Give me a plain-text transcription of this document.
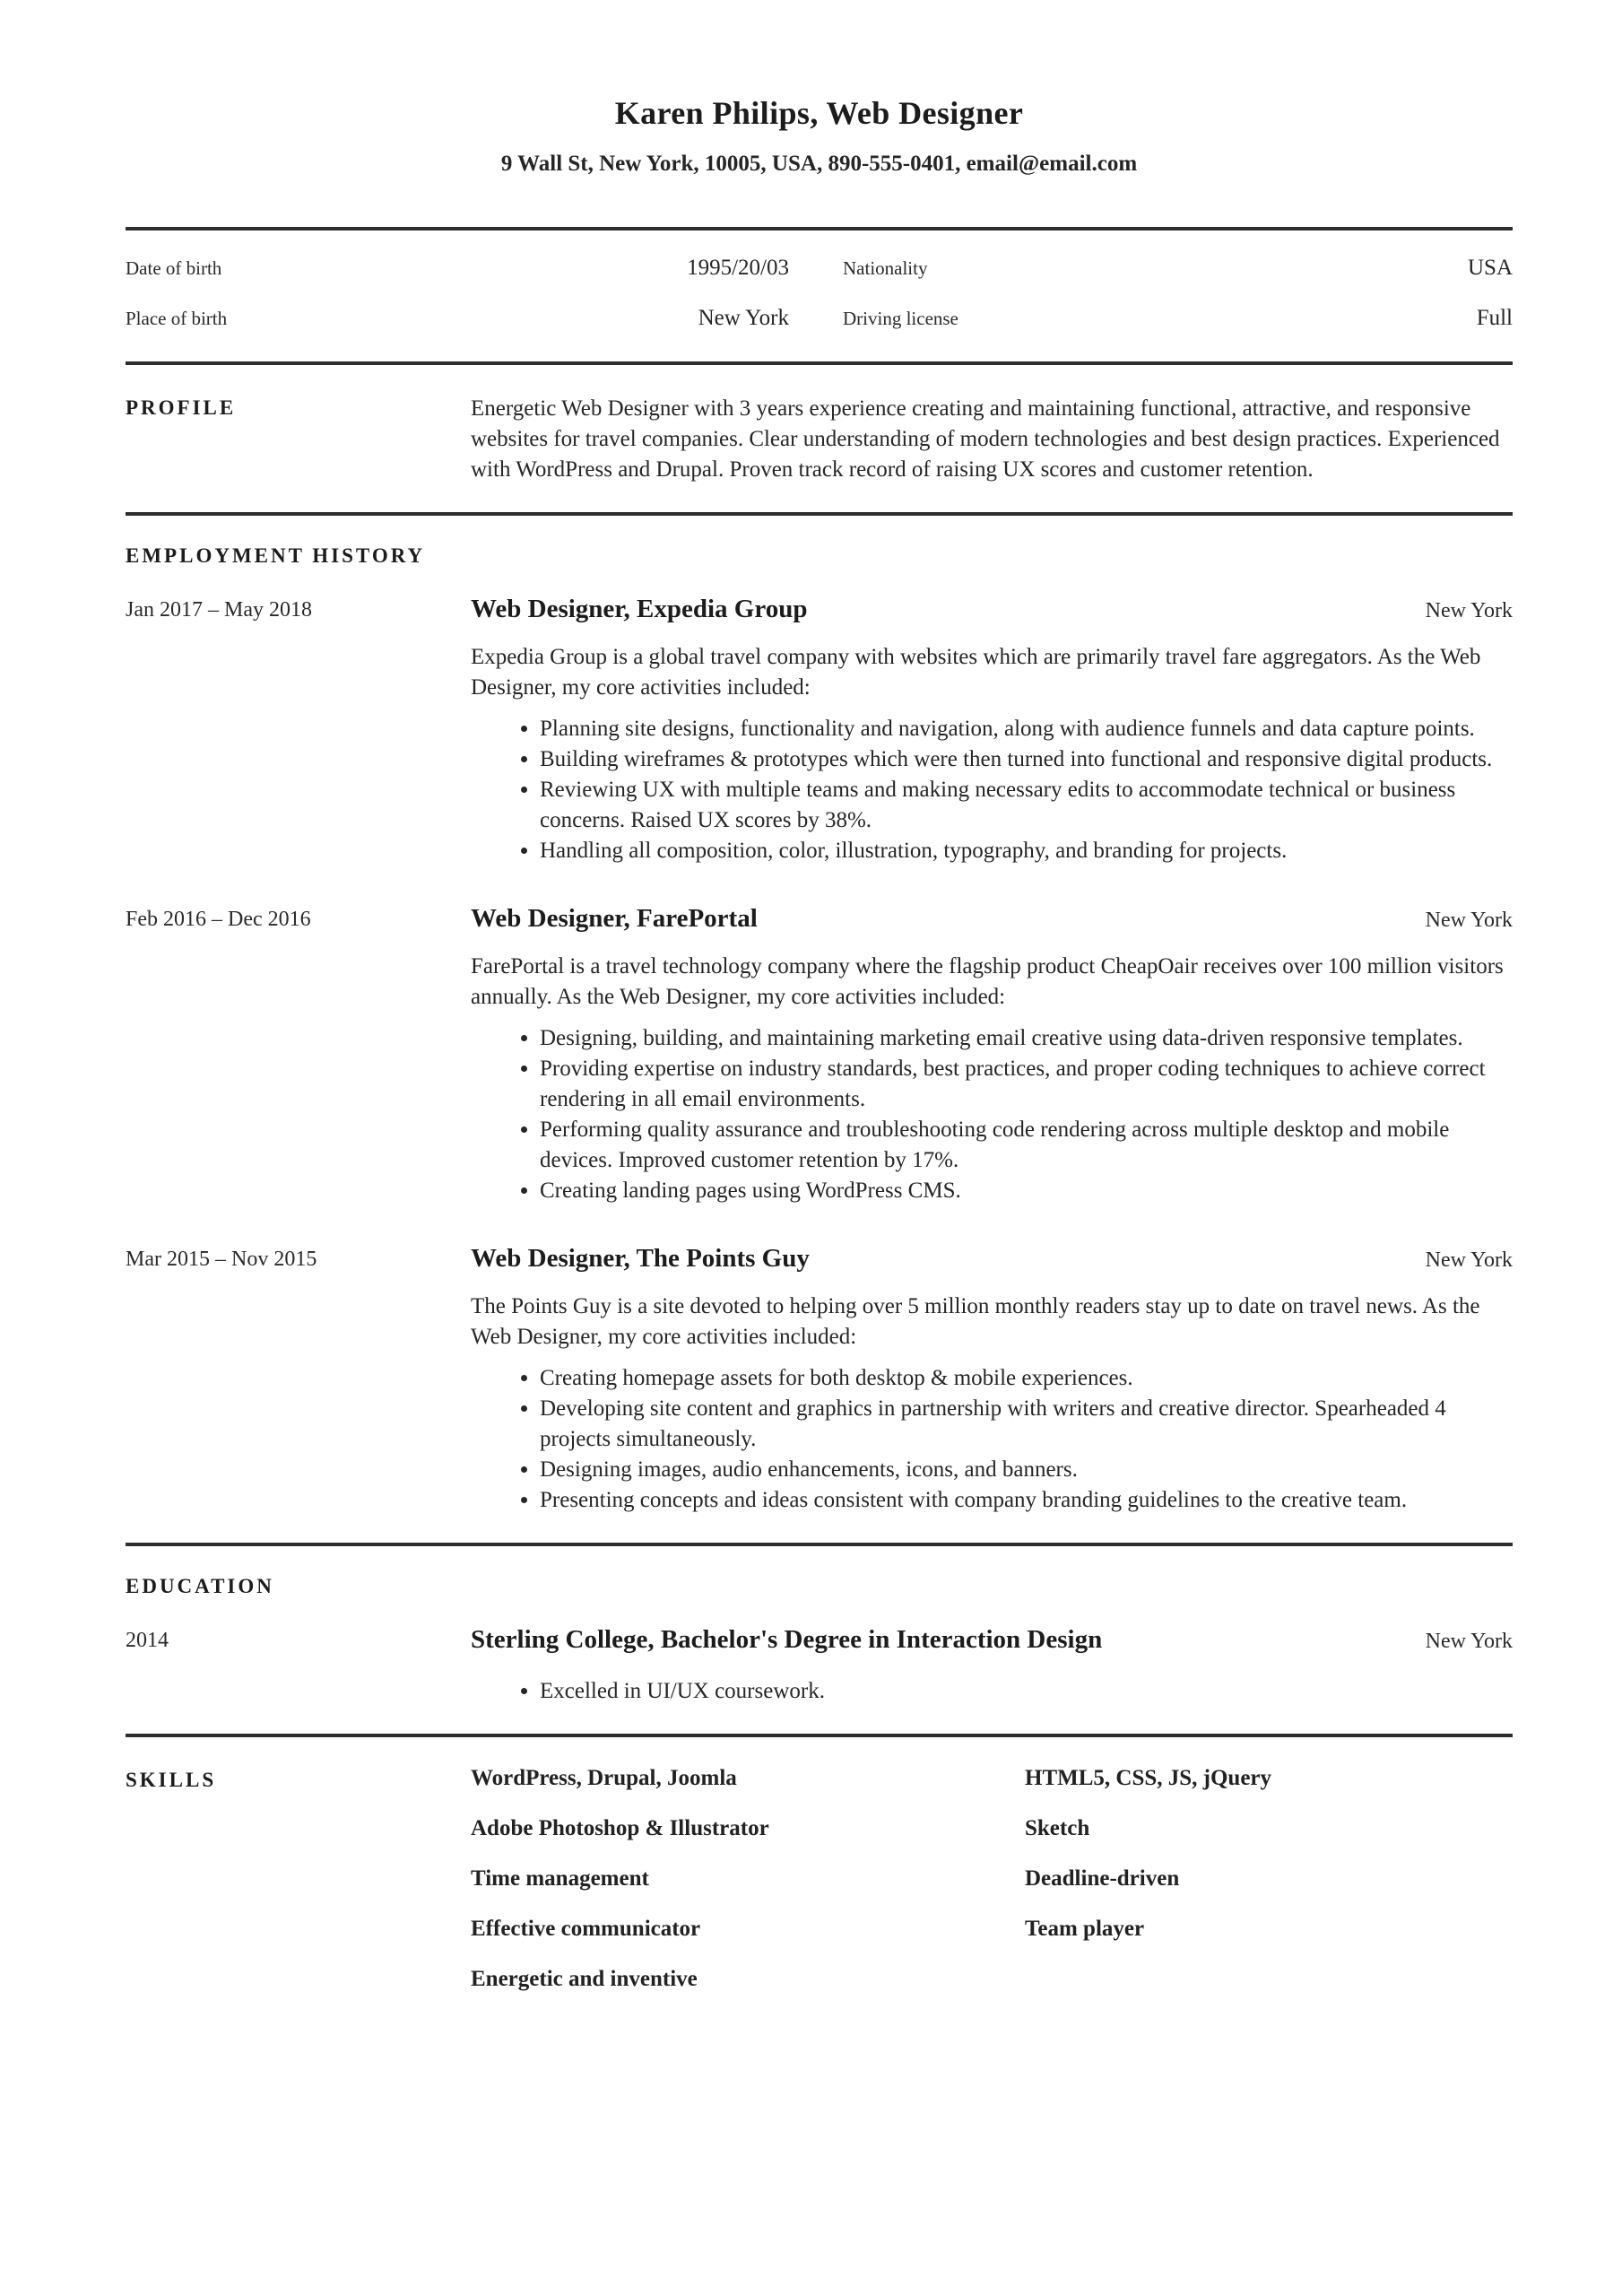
Karen Philips, Web Designer

9 Wall St, New York, 10005, USA, 890-555-0401, email@email.com

Date of birth	1995/20/03	Nationality	USA
Place of birth	New York	Driving license	Full
PROFILE	Energetic Web Designer with 3 years experience creating and maintaining functional, attractive, and responsive websites for travel companies. Clear understanding of modern technologies and best design practices. Experienced with WordPress and Drupal. Proven track record of raising UX scores and customer retention.

EMPLOYMENT HISTORY
Jan 2017 – May 2018	Web Designer, Expedia Group	New York

Expedia Group is a global travel company with websites which are primarily travel fare aggregators. As the Web Designer, my core activities included:

• Planning site designs, functionality and navigation, along with audience funnels and data capture points.
• Building wireframes & prototypes which were then turned into functional and responsive digital products.
• Reviewing UX with multiple teams and making necessary edits to accommodate technical or business concerns. Raised UX scores by 38%.
• Handling all composition, color, illustration, typography, and branding for projects.
Feb 2016 – Dec 2016	Web Designer, FarePortal	New York

FarePortal is a travel technology company where the flagship product CheapOair receives over 100 million visitors annually. As the Web Designer, my core activities included:

• Designing, building, and maintaining marketing email creative using data-driven responsive templates.
• Providing expertise on industry standards, best practices, and proper coding techniques to achieve correct rendering in all email environments.
• Performing quality assurance and troubleshooting code rendering across multiple desktop and mobile devices. Improved customer retention by 17%.
• Creating landing pages using WordPress CMS.
Mar 2015 – Nov 2015	Web Designer, The Points Guy	New York

The Points Guy is a site devoted to helping over 5 million monthly readers stay up to date on travel news. As the Web Designer, my core activities included:

• Creating homepage assets for both desktop & mobile experiences.
• Developing site content and graphics in partnership with writers and creative director. Spearheaded 4 projects simultaneously.
• Designing images, audio enhancements, icons, and banners.
• Presenting concepts and ideas consistent with company branding guidelines to the creative team.
EDUCATION
2014	Sterling College, Bachelor's Degree in Interaction Design	New York
• Excelled in UI/UX coursework.
SKILLS	WordPress, Drupal, Joomla	HTML5, CSS, JS, jQuery
Adobe Photoshop & Illustrator	Sketch
Time management	Deadline-driven
Effective communicator	Team player
Energetic and inventive
